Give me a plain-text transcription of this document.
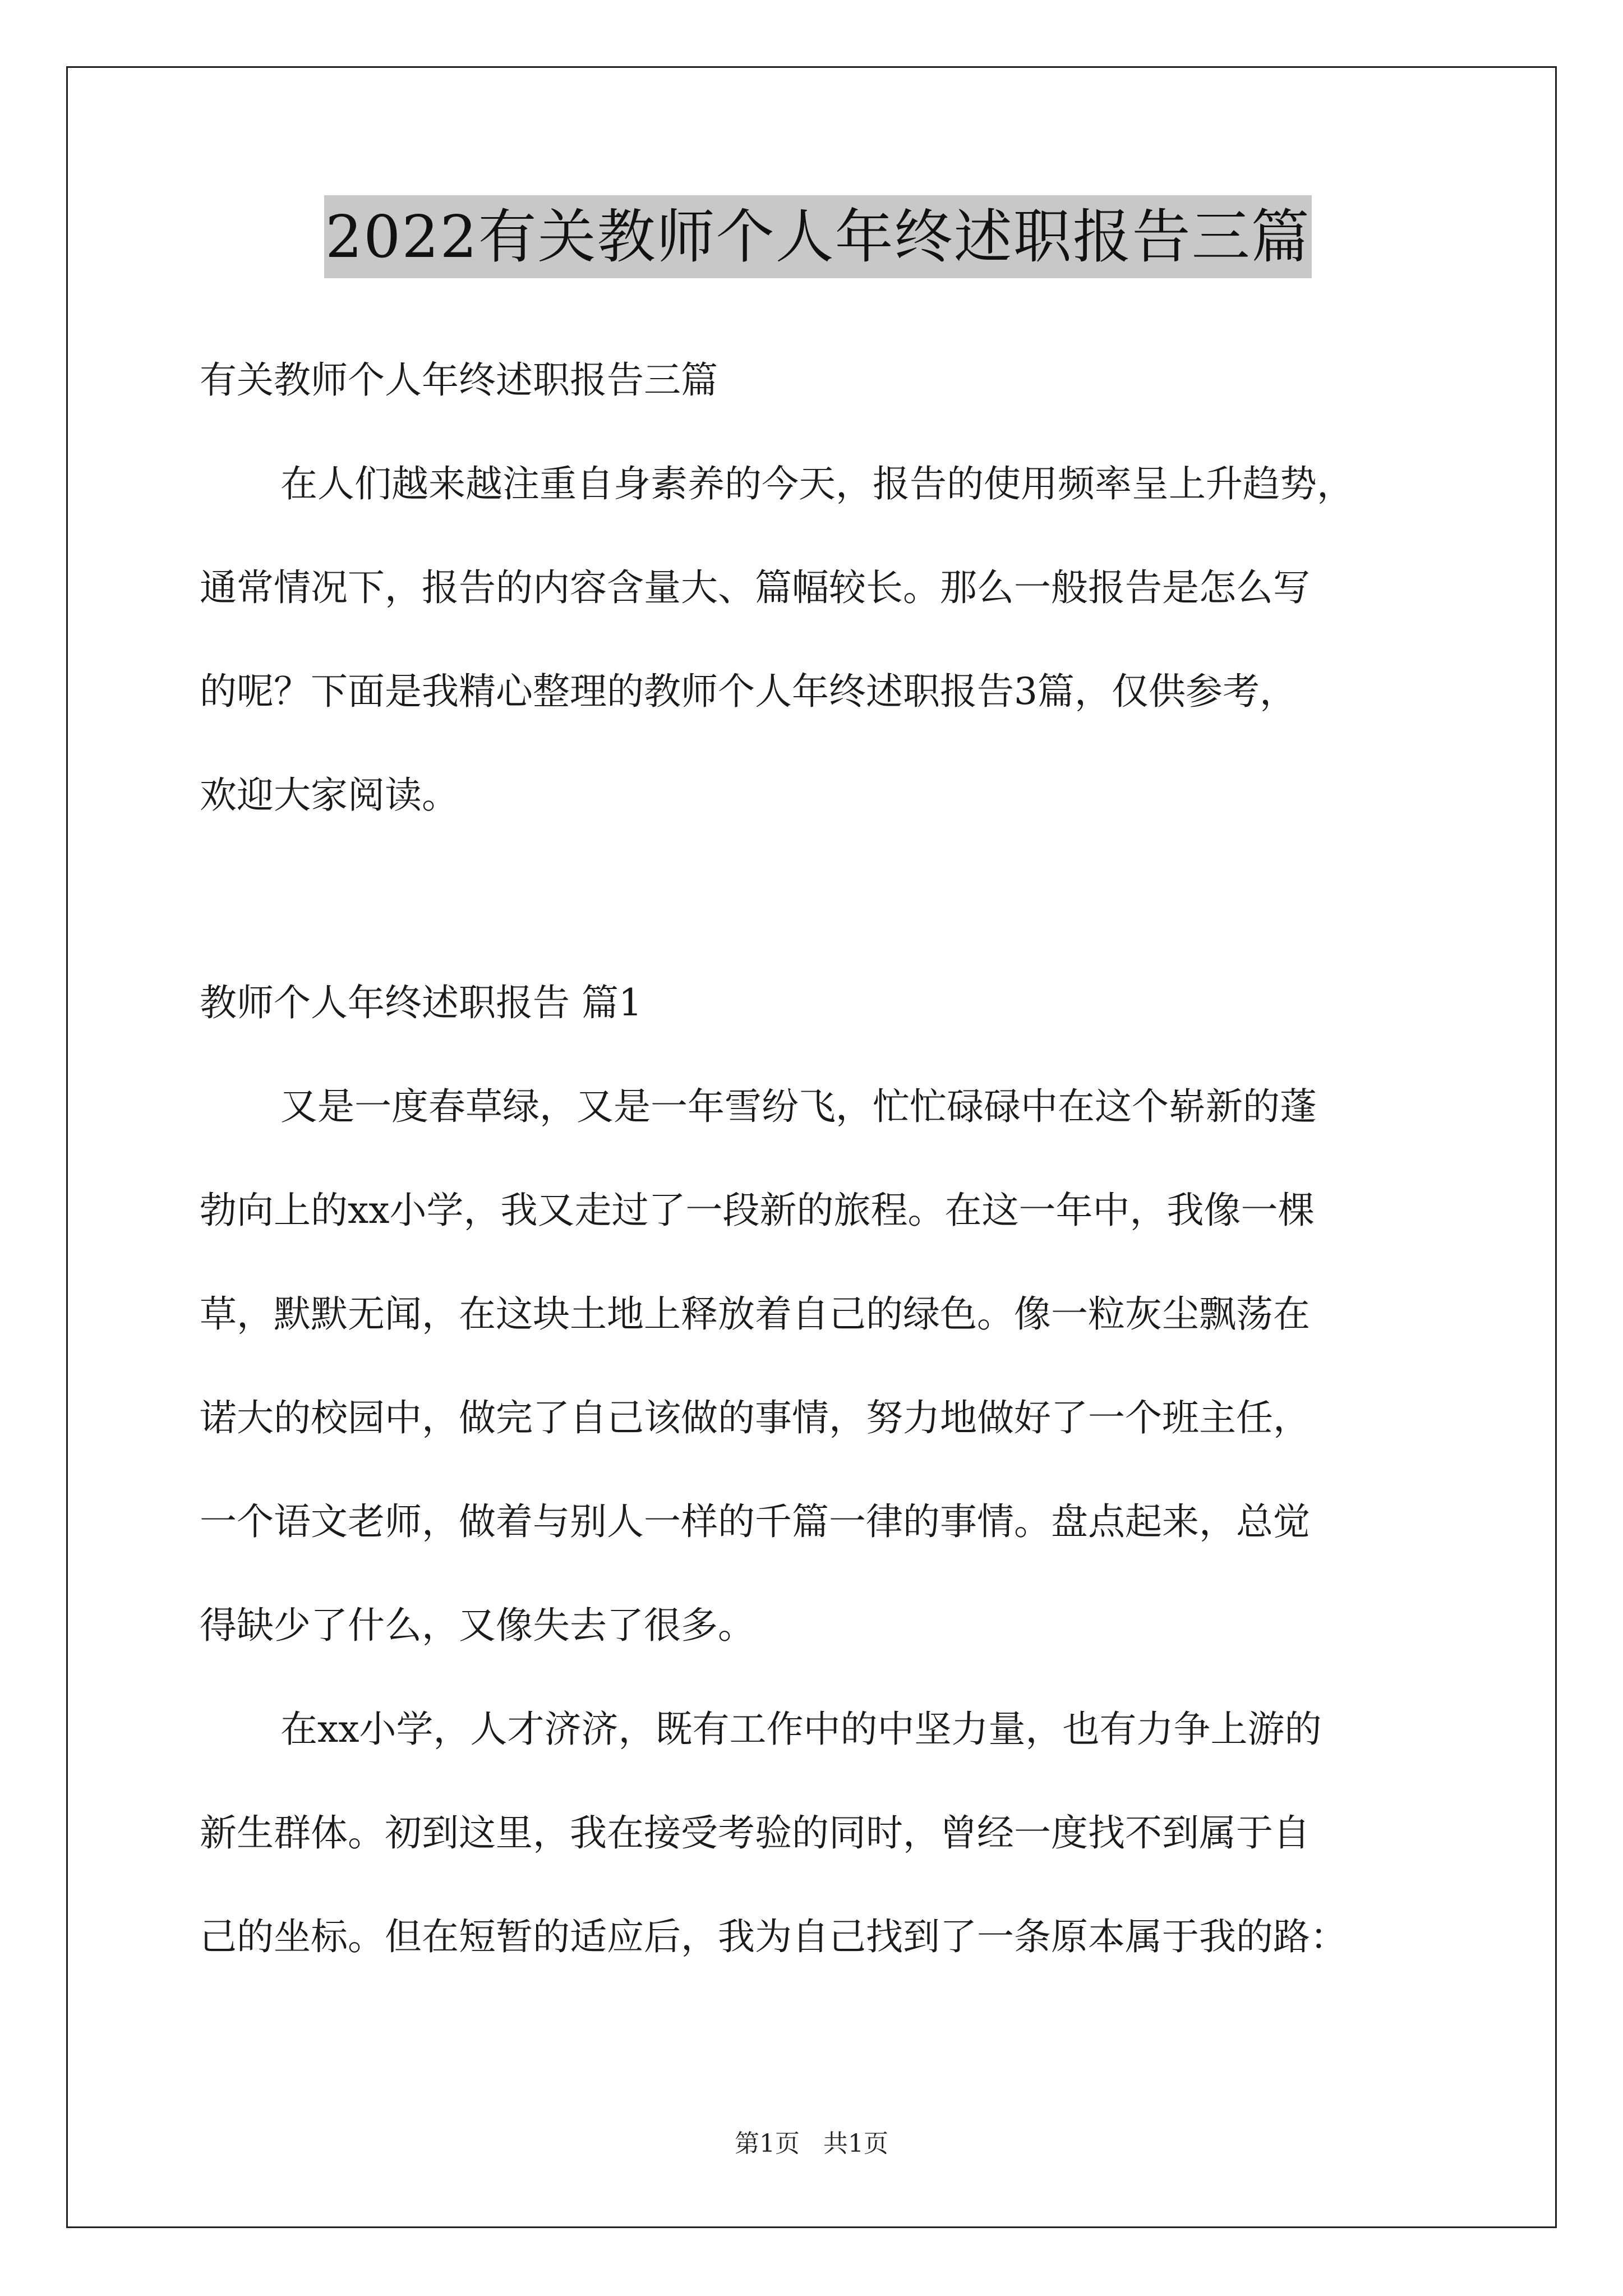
2022有关教师个人年终述职报告三篇
有关教师个人年终述职报告三篇
在人们越来越注重自身素养的今天，报告的使用频率呈上升趋势，
通常情况下，报告的内容含量大、篇幅较长。那么一般报告是怎么写
的呢？下面是我精心整理的教师个人年终述职报告3篇，仅供参考，
欢迎大家阅读。
教师个人年终述职报告 篇1
又是一度春草绿，又是一年雪纷飞，忙忙碌碌中在这个崭新的蓬
勃向上的xx小学，我又走过了一段新的旅程。在这一年中，我像一棵
草，默默无闻，在这块土地上释放着自己的绿色。像一粒灰尘飘荡在
诺大的校园中，做完了自己该做的事情，努力地做好了一个班主任，
一个语文老师，做着与别人一样的千篇一律的事情。盘点起来，总觉
得缺少了什么，又像失去了很多。
在xx小学，人才济济，既有工作中的中坚力量，也有力争上游的
新生群体。初到这里，我在接受考验的同时，曾经一度找不到属于自
己的坐标。但在短暂的适应后，我为自己找到了一条原本属于我的路：
第1页   共1页
